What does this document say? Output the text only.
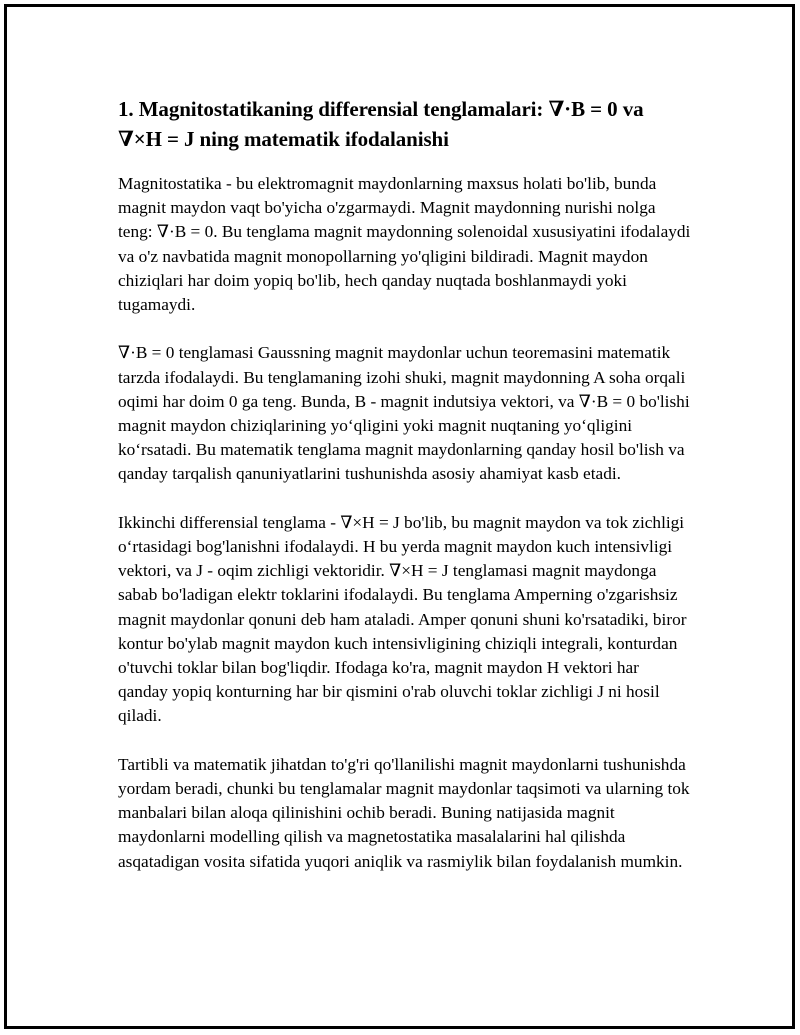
1. Magnitostatikaning differensial tenglamalari: ∇·B = 0 va ∇×H = J ning matematik ifodalanishi

Magnitostatika - bu elektromagnit maydonlarning maxsus holati bo'lib, bunda magnit maydon vaqt bo'yicha o'zgarmaydi. Magnit maydonning nurishi nolga teng: ∇·B = 0. Bu tenglama magnit maydonning solenoidal xususiyatini ifodalaydi va o'z navbatida magnit monopollarning yo'qligini bildiradi. Magnit maydon chiziqlari har doim yopiq bo'lib, hech qanday nuqtada boshlanmaydi yoki tugamaydi.

∇·B = 0 tenglamasi Gaussning magnit maydonlar uchun teoremasini matematik tarzda ifodalaydi. Bu tenglamaning izohi shuki, magnit maydonning A soha orqali oqimi har doim 0 ga teng. Bunda, B - magnit indutsiya vektori, va ∇·B = 0 bo'lishi magnit maydon chiziqlarining yo‘qligini yoki magnit nuqtaning yo‘qligini ko‘rsatadi. Bu matematik tenglama magnit maydonlarning qanday hosil bo'lish va qanday tarqalish qanuniyatlarini tushunishda asosiy ahamiyat kasb etadi.

Ikkinchi differensial tenglama - ∇×H = J bo'lib, bu magnit maydon va tok zichligi o‘rtasidagi bog'lanishni ifodalaydi. H bu yerda magnit maydon kuch intensivligi vektori, va J - oqim zichligi vektoridir. ∇×H = J tenglamasi magnit maydonga sabab bo'ladigan elektr toklarini ifodalaydi. Bu tenglama Amperning o'zgarishsiz magnit maydonlar qonuni deb ham ataladi. Amper qonuni shuni ko'rsatadiki, biror kontur bo'ylab magnit maydon kuch intensivligining chiziqli integrali, konturdan o'tuvchi toklar bilan bog'liqdir. Ifodaga ko'ra, magnit maydon H vektori har qanday yopiq konturning har bir qismini o'rab oluvchi toklar zichligi J ni hosil qiladi.

Tartibli va matematik jihatdan to'g'ri qo'llanilishi magnit maydonlarni tushunishda yordam beradi, chunki bu tenglamalar magnit maydonlar taqsimoti va ularning tok manbalari bilan aloqa qilinishini ochib beradi. Buning natijasida magnit maydonlarni modelling qilish va magnetostatika masalalarini hal qilishda asqatadigan vosita sifatida yuqori aniqlik va rasmiylik bilan foydalanish mumkin.
